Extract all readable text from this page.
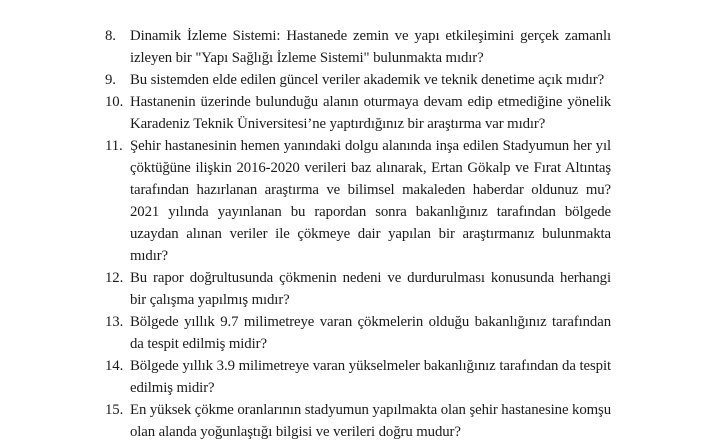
8. Dinamik İzleme Sistemi: Hastanede zemin ve yapı etkileşimini gerçek zamanlı izleyen bir "Yapı Sağlığı İzleme Sistemi" bulunmakta mıdır?
9. Bu sistemden elde edilen güncel veriler akademik ve teknik denetime açık mıdır?
10. Hastanenin üzerinde bulunduğu alanın oturmaya devam edip etmediğine yönelik Karadeniz Teknik Üniversitesi’ne yaptırdığınız bir araştırma var mıdır?
11. Şehir hastanesinin hemen yanındaki dolgu alanında inşa edilen Stadyumun her yıl çöktüğüne ilişkin 2016-2020 verileri baz alınarak, Ertan Gökalp ve Fırat Altıntaş tarafından hazırlanan araştırma ve bilimsel makaleden haberdar oldunuz mu? 2021 yılında yayınlanan bu rapordan sonra bakanlığınız tarafından bölgede uzaydan alınan veriler ile çökmeye dair yapılan bir araştırmanız bulunmakta mıdır?
12. Bu rapor doğrultusunda çökmenin nedeni ve durdurulması konusunda herhangi bir çalışma yapılmış mıdır?
13. Bölgede yıllık 9.7 milimetreye varan çökmelerin olduğu bakanlığınız tarafından da tespit edilmiş midir?
14. Bölgede yıllık 3.9 milimetreye varan yükselmeler bakanlığınız tarafından da tespit edilmiş midir?
15. En yüksek çökme oranlarının stadyumun yapılmakta olan şehir hastanesine komşu olan alanda yoğunlaştığı bilgisi ve verileri doğru mudur?
